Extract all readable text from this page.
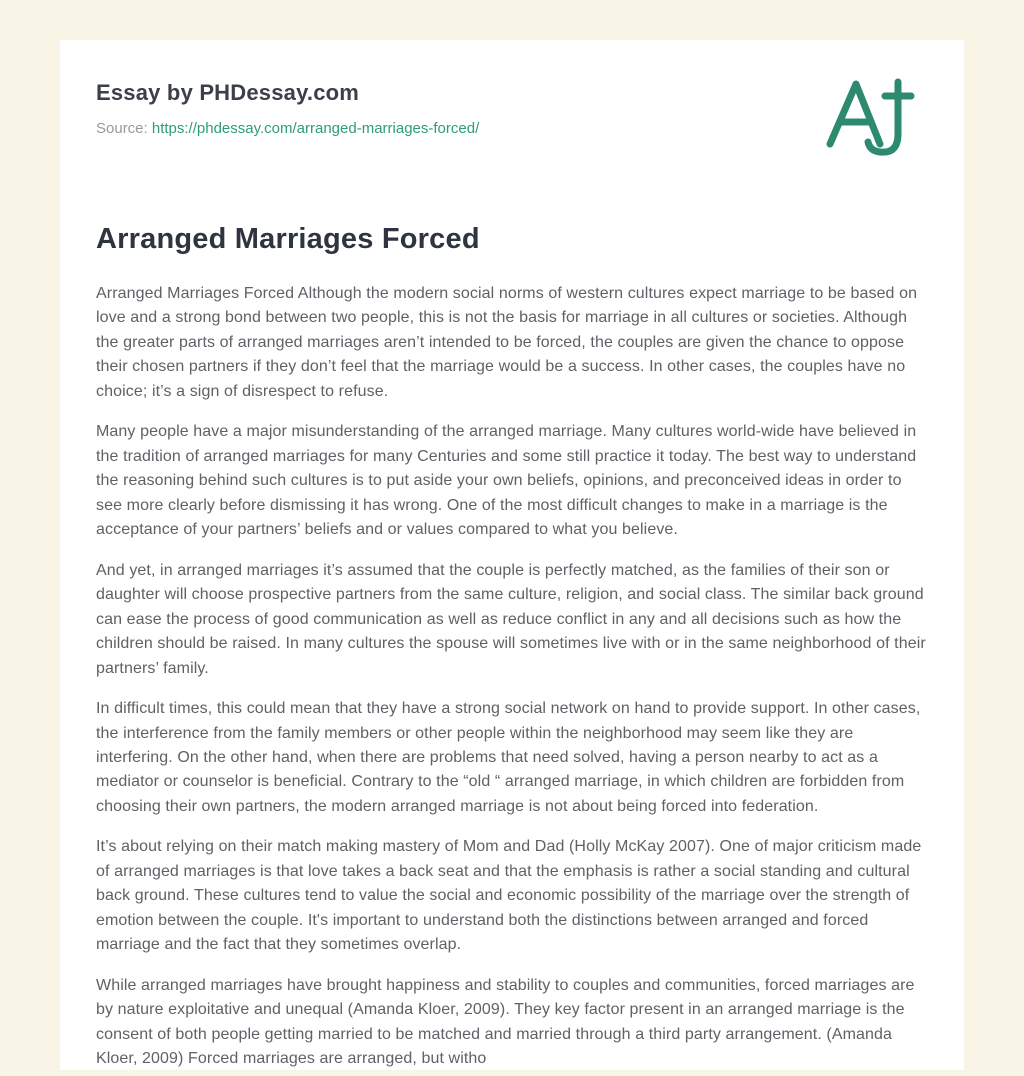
Essay by PHDessay.com
Source: https://phdessay.com/arranged-marriages-forced/
Arranged Marriages Forced

Arranged Marriages Forced Although the modern social norms of western cultures expect marriage to be based on love and a strong bond between two people, this is not the basis for marriage in all cultures or societies. Although the greater parts of arranged marriages aren’t intended to be forced, the couples are given the chance to oppose their chosen partners if they don’t feel that the marriage would be a success. In other cases, the couples have no choice; it’s a sign of disrespect to refuse.

Many people have a major misunderstanding of the arranged marriage. Many cultures world-wide have believed in the tradition of arranged marriages for many Centuries and some still practice it today. The best way to understand the reasoning behind such cultures is to put aside your own beliefs, opinions, and preconceived ideas in order to see more clearly before dismissing it has wrong. One of the most difficult changes to make in a marriage is the acceptance of your partners’ beliefs and or values compared to what you believe.

And yet, in arranged marriages it’s assumed that the couple is perfectly matched, as the families of their son or daughter will choose prospective partners from the same culture, religion, and social class. The similar back ground can ease the process of good communication as well as reduce conflict in any and all decisions such as how the children should be raised. In many cultures the spouse will sometimes live with or in the same neighborhood of their partners’ family.

In difficult times, this could mean that they have a strong social network on hand to provide support. In other cases, the interference from the family members or other people within the neighborhood may seem like they are interfering. On the other hand, when there are problems that need solved, having a person nearby to act as a mediator or counselor is beneficial. Contrary to the “old “ arranged marriage, in which children are forbidden from choosing their own partners, the modern arranged marriage is not about being forced into federation.

It’s about relying on their match making mastery of Mom and Dad (Holly McKay 2007). One of major criticism made of arranged marriages is that love takes a back seat and that the emphasis is rather a social standing and cultural back ground. These cultures tend to value the social and economic possibility of the marriage over the strength of emotion between the couple. It's important to understand both the distinctions between arranged and forced marriage and the fact that they sometimes overlap.

While arranged marriages have brought happiness and stability to couples and communities, forced marriages are by nature exploitative and unequal (Amanda Kloer, 2009). They key factor present in an arranged marriage is the consent of both people getting married to be matched and married through a third party arrangement. (Amanda Kloer, 2009) Forced marriages are arranged, but witho
